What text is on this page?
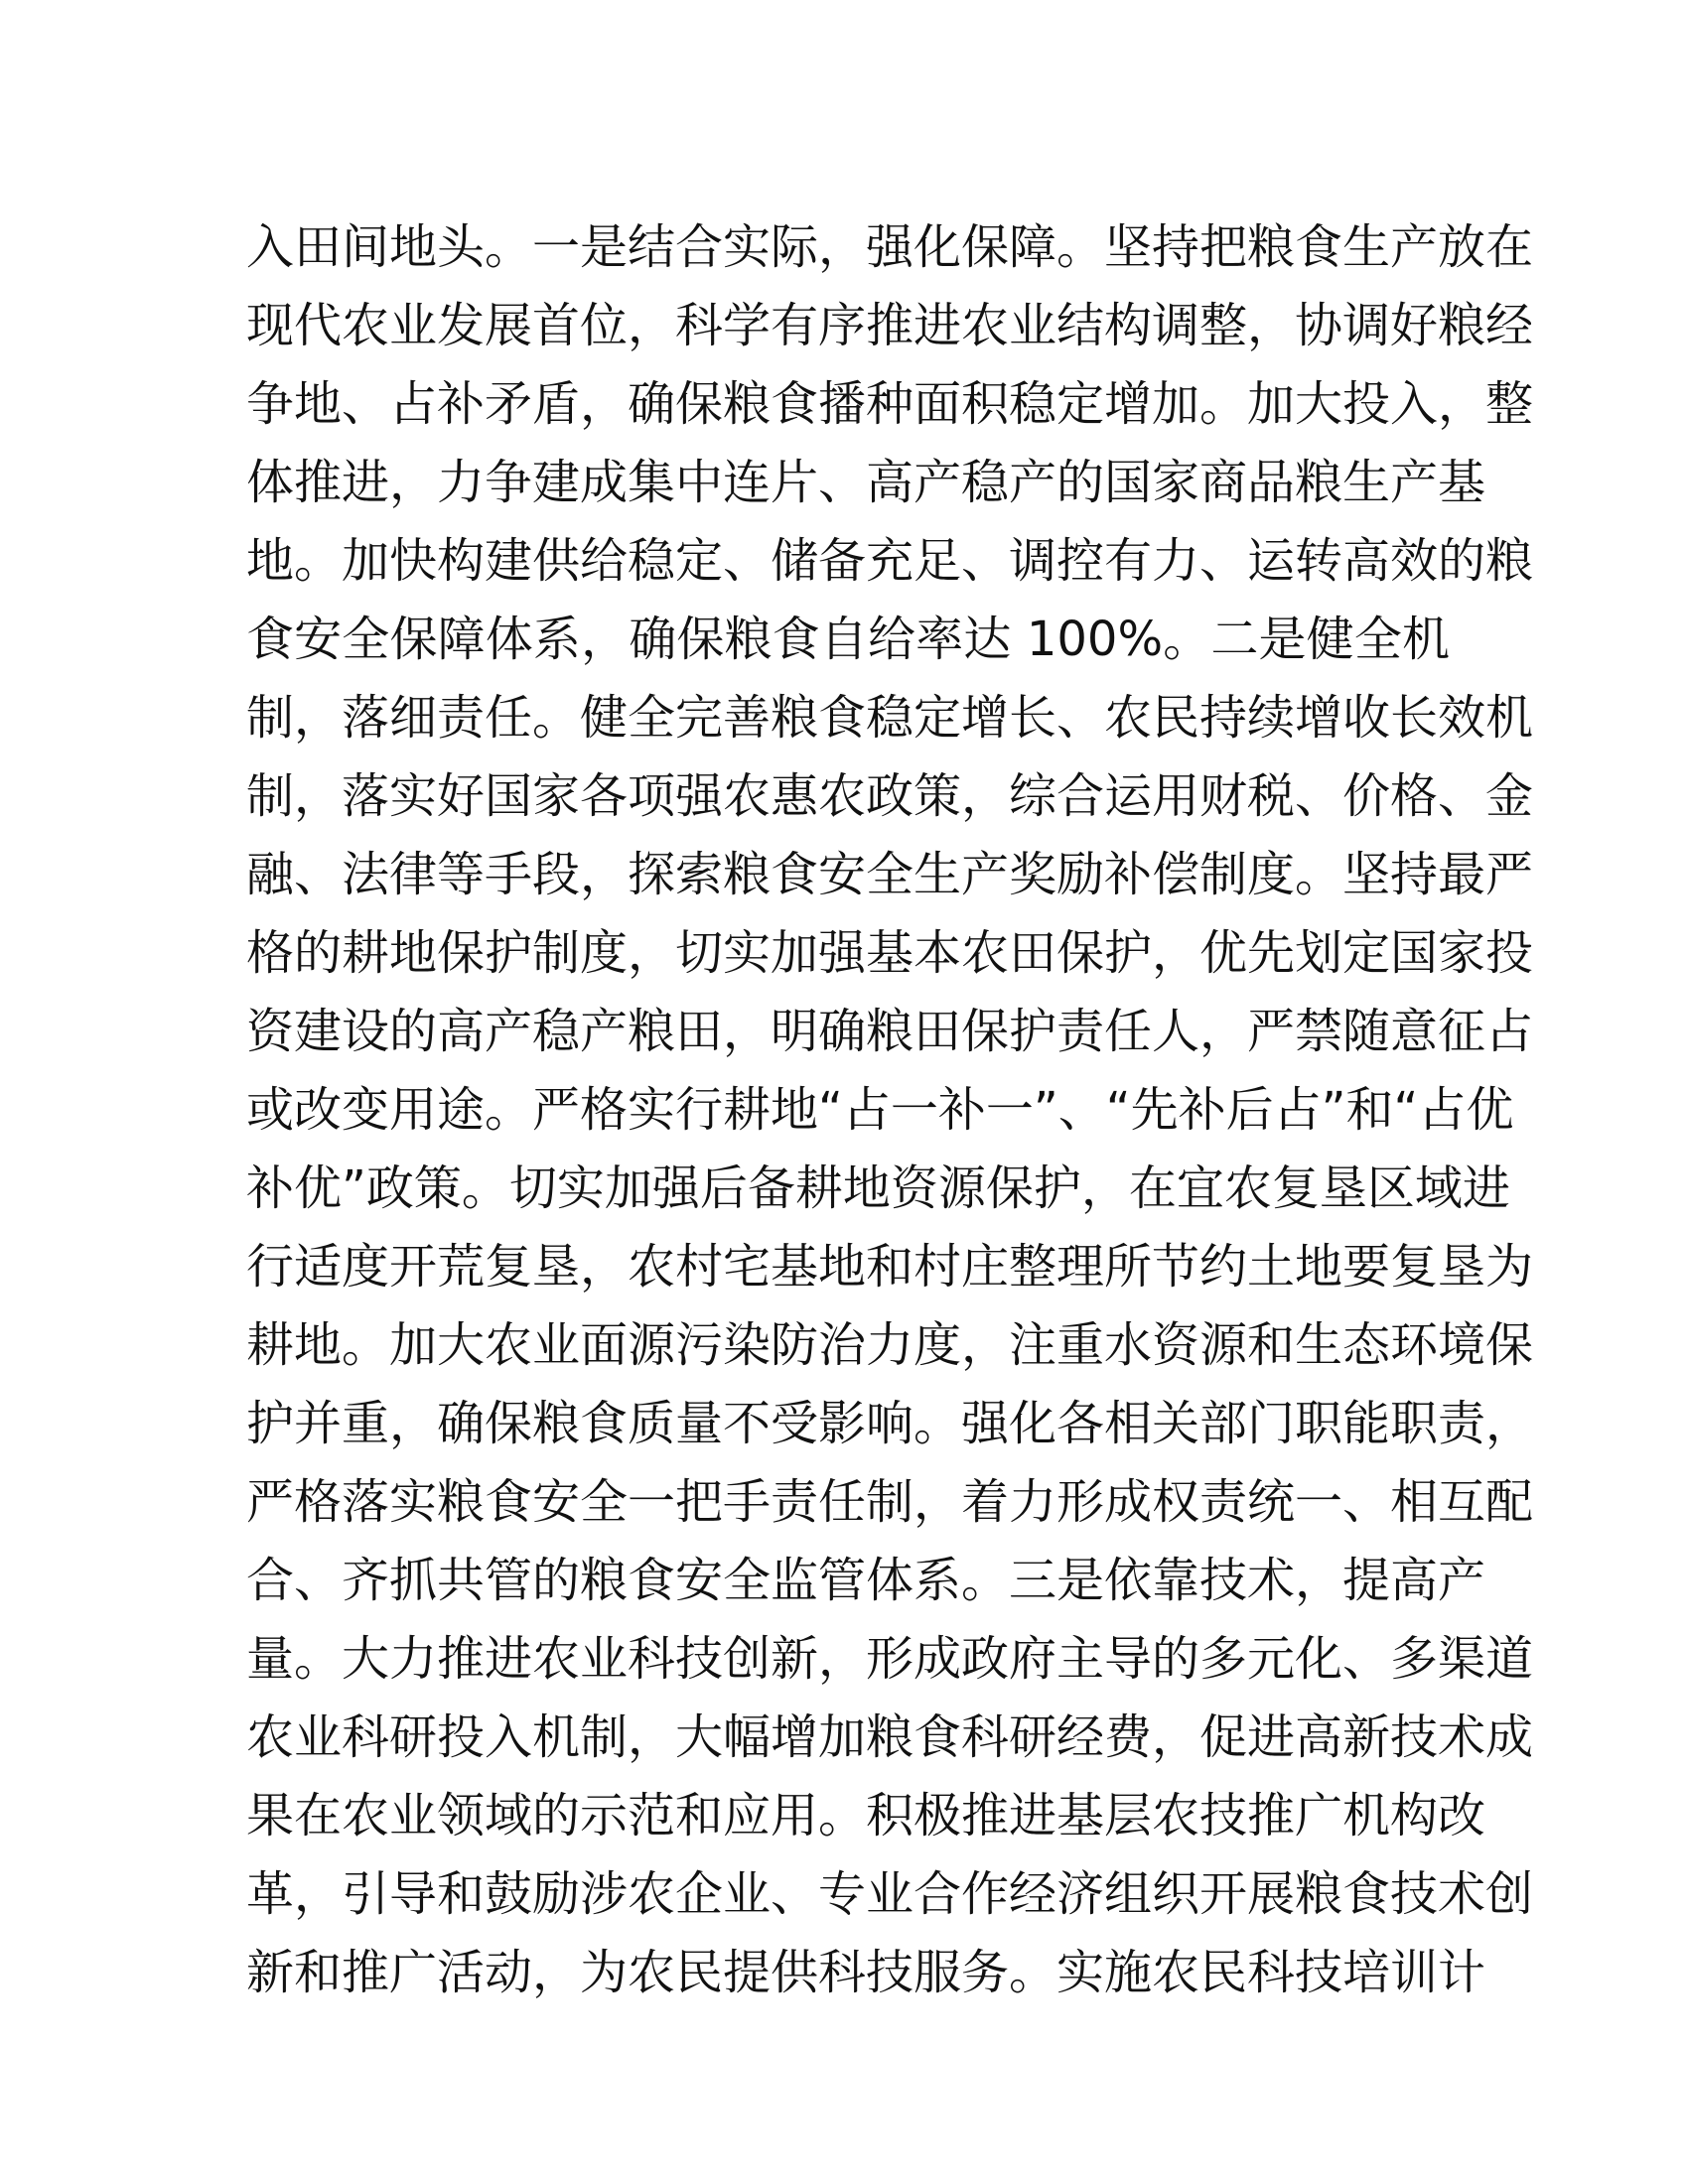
入田间地头。一是结合实际，强化保障。坚持把粮食生产放在
现代农业发展首位，科学有序推进农业结构调整，协调好粮经
争地、占补矛盾，确保粮食播种面积稳定增加。加大投入，整
体推进，力争建成集中连片、高产稳产的国家商品粮生产基
地。加快构建供给稳定、储备充足、调控有力、运转高效的粮
食安全保障体系，确保粮食自给率达 100%。二是健全机
制，落细责任。健全完善粮食稳定增长、农民持续增收长效机
制，落实好国家各项强农惠农政策，综合运用财税、价格、金
融、法律等手段，探索粮食安全生产奖励补偿制度。坚持最严
格的耕地保护制度，切实加强基本农田保护，优先划定国家投
资建设的高产稳产粮田，明确粮田保护责任人，严禁随意征占
或改变用途。严格实行耕地“占一补一”、“先补后占”和“占优
补优”政策。切实加强后备耕地资源保护，在宜农复垦区域进
行适度开荒复垦，农村宅基地和村庄整理所节约土地要复垦为
耕地。加大农业面源污染防治力度，注重水资源和生态环境保
护并重，确保粮食质量不受影响。强化各相关部门职能职责，
严格落实粮食安全一把手责任制，着力形成权责统一、相互配
合、齐抓共管的粮食安全监管体系。三是依靠技术，提高产
量。大力推进农业科技创新，形成政府主导的多元化、多渠道
农业科研投入机制，大幅增加粮食科研经费，促进高新技术成
果在农业领域的示范和应用。积极推进基层农技推广机构改
革，引导和鼓励涉农企业、专业合作经济组织开展粮食技术创
新和推广活动，为农民提供科技服务。实施农民科技培训计
